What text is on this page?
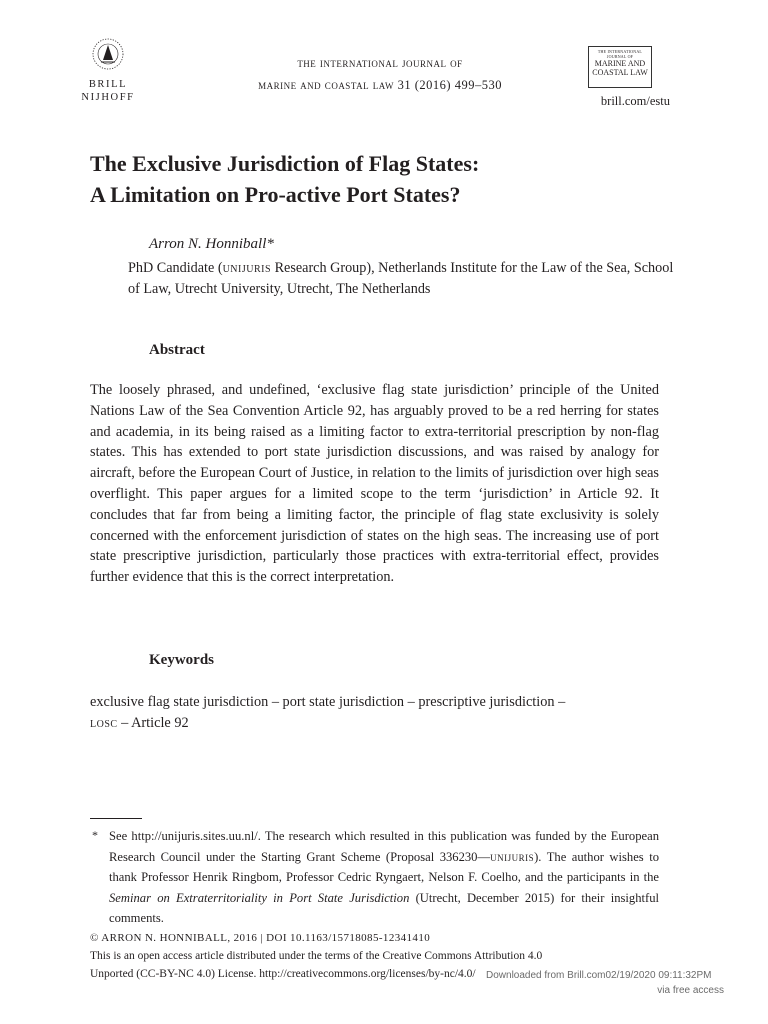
BRILL
NIJHOFF
the international journal of
marine and coastal law 31 (2016) 499–530
THE INTERNATIONAL JOURNAL OF
MARINE AND COASTAL LAW
brill.com/estu
The Exclusive Jurisdiction of Flag States:
A Limitation on Pro-active Port States?
Arron N. Honniball*
PhD Candidate (unijuris Research Group), Netherlands Institute for the Law of the Sea, School of Law, Utrecht University, Utrecht, The Netherlands
Abstract
The loosely phrased, and undefined, ‘exclusive flag state jurisdiction’ principle of the United Nations Law of the Sea Convention Article 92, has arguably proved to be a red herring for states and academia, in its being raised as a limiting factor to extra-territorial prescription by non-flag states. This has extended to port state jurisdiction discussions, and was raised by analogy for aircraft, before the European Court of Justice, in relation to the limits of jurisdiction over high seas overflight. This paper argues for a limited scope to the term ‘jurisdiction’ in Article 92. It concludes that far from being a limiting factor, the principle of flag state exclusivity is solely concerned with the enforcement jurisdiction of states on the high seas. The increasing use of port state prescriptive jurisdiction, particularly those practices with extra-territorial effect, provides further evidence that this is the correct interpretation.
Keywords
exclusive flag state jurisdiction – port state jurisdiction – prescriptive jurisdiction –
losc – Article 92
* See http://unijuris.sites.uu.nl/. The research which resulted in this publication was funded by the European Research Council under the Starting Grant Scheme (Proposal 336230—unijuris). The author wishes to thank Professor Henrik Ringbom, Professor Cedric Ryngaert, Nelson F. Coelho, and the participants in the Seminar on Extraterritoriality in Port State Jurisdiction (Utrecht, December 2015) for their insightful comments.
© ARRON N. HONNIBALL, 2016 | DOI 10.1163/15718085-12341410
This is an open access article distributed under the terms of the Creative Commons Attribution 4.0 Unported (CC-BY-NC 4.0) License. http://creativecommons.org/licenses/by-nc/4.0/	Downloaded from Brill.com02/19/2020 09:11:32PM
via free access
